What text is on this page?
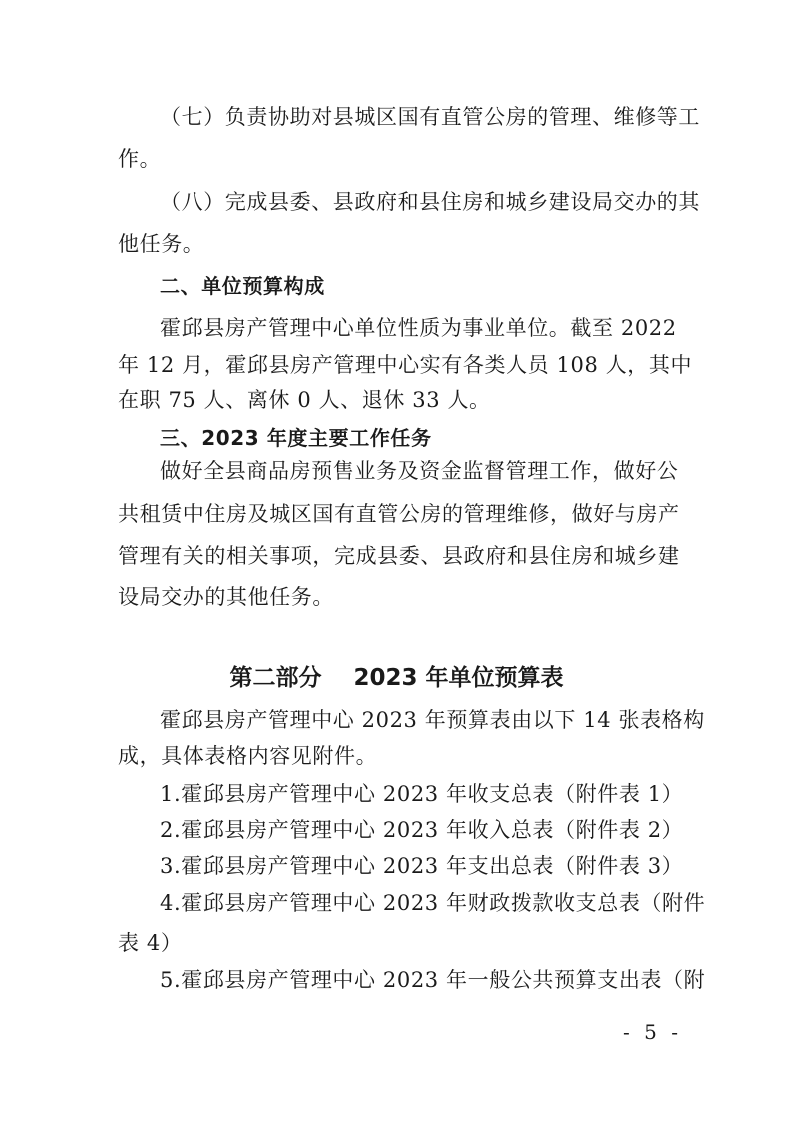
（七）负责协助对县城区国有直管公房的管理、维修等工
作。
（八）完成县委、县政府和县住房和城乡建设局交办的其
他任务。
二、单位预算构成
霍邱县房产管理中心单位性质为事业单位。截至 2022
年 12 月，霍邱县房产管理中心实有各类人员 108 人，其中
在职 75 人、离休 0 人、退休 33 人。
三、2023 年度主要工作任务
做好全县商品房预售业务及资金监督管理工作，做好公
共租赁中住房及城区国有直管公房的管理维修，做好与房产
管理有关的相关事项，完成县委、县政府和县住房和城乡建
设局交办的其他任务。
第二部分    2023 年单位预算表
霍邱县房产管理中心 2023 年预算表由以下 14 张表格构
成，具体表格内容见附件。
1.霍邱县房产管理中心 2023 年收支总表（附件表 1）
2.霍邱县房产管理中心 2023 年收入总表（附件表 2）
3.霍邱县房产管理中心 2023 年支出总表（附件表 3）
4.霍邱县房产管理中心 2023 年财政拨款收支总表（附件
表 4）
5.霍邱县房产管理中心 2023 年一般公共预算支出表（附
- 5 -
